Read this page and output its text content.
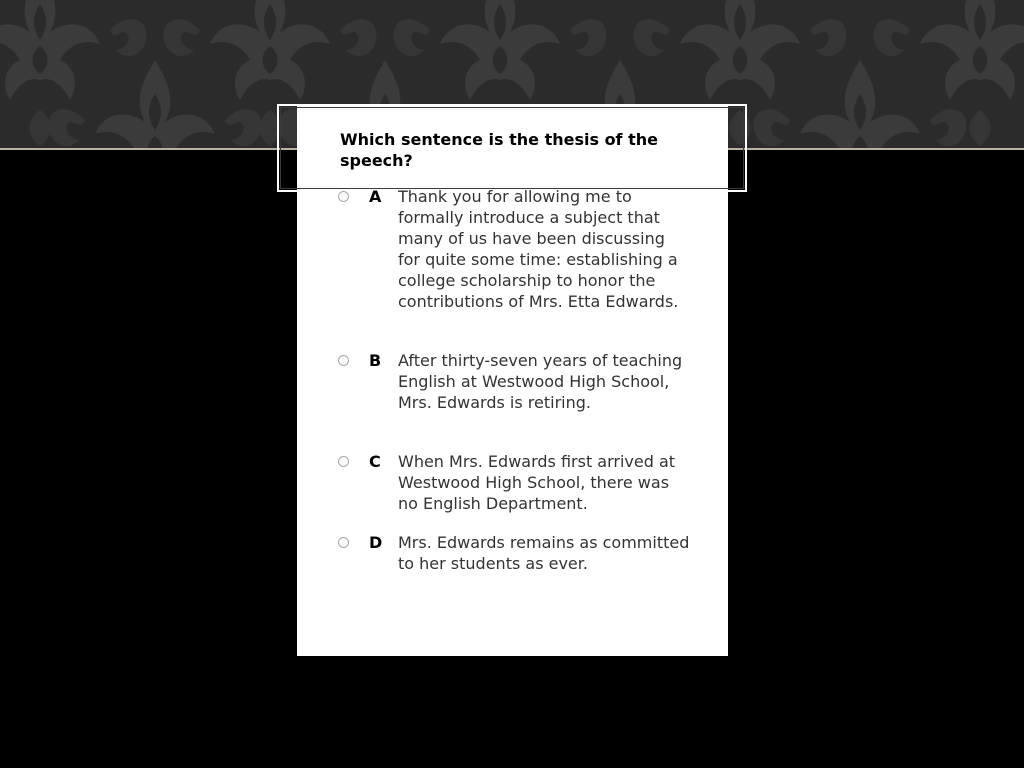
Which sentence is the thesis of the speech?

A Thank you for allowing me to formally introduce a subject that many of us have been discussing for quite some time: establishing a college scholarship to honor the contributions of Mrs. Etta Edwards.

B After thirty-seven years of teaching English at Westwood High School, Mrs. Edwards is retiring.

C When Mrs. Edwards first arrived at Westwood High School, there was no English Department.

D Mrs. Edwards remains as committed to her students as ever.
